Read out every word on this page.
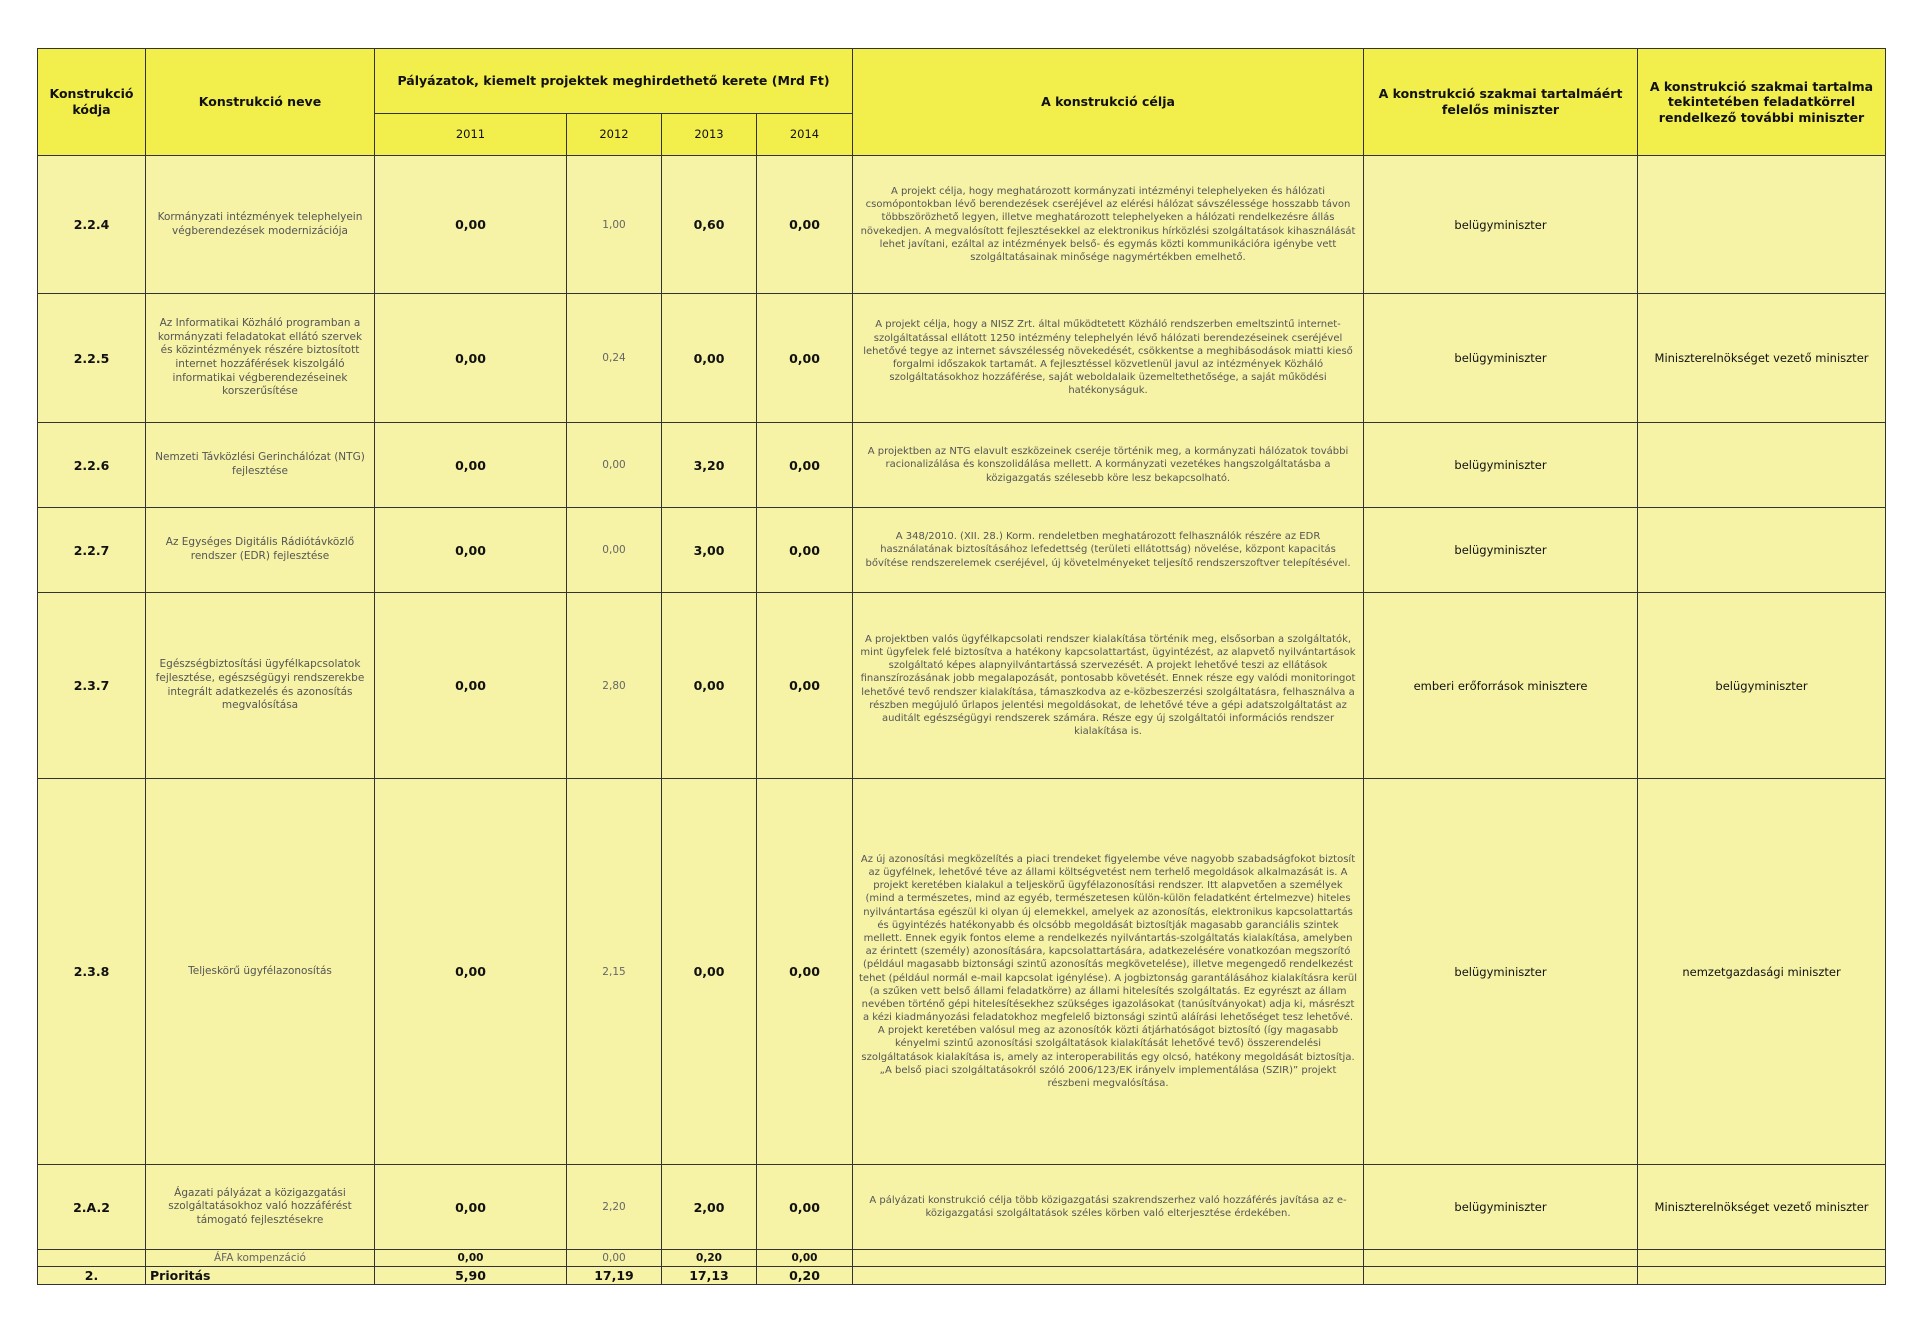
Konstrukció kódja	Konstrukció neve	Pályázatok, kiemelt projektek meghirdethető kerete (Mrd Ft)				A konstrukció célja	A konstrukció szakmai tartalmáért felelős miniszter	A konstrukció szakmai tartalma tekintetében feladatkörrel rendelkező további miniszter
		2011	2012	2013	2014			
2.2.4	Kormányzati intézmények telephelyein végberendezések modernizációja	0,00	1,00	0,60	0,00	A projekt célja, hogy meghatározott kormányzati intézményi telephelyeken és hálózati csomópontokban lévő berendezések cseréjével az elérési hálózat sávszélessége hosszabb távon többszörözhető legyen, illetve meghatározott telephelyeken a hálózati rendelkezésre állás növekedjen. A megvalósított fejlesztésekkel az elektronikus hírközlési szolgáltatások kihasználását lehet javítani, ezáltal az intézmények belső- és egymás közti kommunikációra igénybe vett szolgáltatásainak minősége nagymértékben emelhető.	belügyminiszter	
2.2.5	Az Informatikai Közháló programban a kormányzati feladatokat ellátó szervek és közintézmények részére biztosított internet hozzáférések kiszolgáló informatikai végberendezéseinek korszerűsítése	0,00	0,24	0,00	0,00	A projekt célja, hogy a NISZ Zrt. által működtetett Közháló rendszerben emeltszintű internet-szolgáltatással ellátott 1250 intézmény telephelyén lévő hálózati berendezéseinek cseréjével lehetővé tegye az internet sávszélesség növekedését, csökkentse a meghibásodások miatti kieső forgalmi időszakok tartamát. A fejlesztéssel közvetlenül javul az intézmények Közháló szolgáltatásokhoz hozzáférése, saját weboldalaik üzemeltethetősége, a saját működési hatékonyságuk.	belügyminiszter	Miniszterelnökséget vezető miniszter
2.2.6	Nemzeti Távközlési Gerinchálózat (NTG) fejlesztése	0,00	0,00	3,20	0,00	A projektben az NTG elavult eszközeinek cseréje történik meg, a kormányzati hálózatok további racionalizálása és konszolidálása mellett. A kormányzati vezetékes hangszolgáltatásba a közigazgatás szélesebb köre lesz bekapcsolható.	belügyminiszter	
2.2.7	Az Egységes Digitális Rádiótávközlő rendszer (EDR) fejlesztése	0,00	0,00	3,00	0,00	A 348/2010. (XII. 28.) Korm. rendeletben meghatározott felhasználók részére az EDR használatának biztosításához lefedettség (területi ellátottság) növelése, központ kapacitás bővítése rendszerelemek cseréjével, új követelményeket teljesítő rendszerszoftver telepítésével.	belügyminiszter	
2.3.7	Egészségbiztosítási ügyfélkapcsolatok fejlesztése, egészségügyi rendszerekbe integrált adatkezelés és azonosítás megvalósítása	0,00	2,80	0,00	0,00	A projektben valós ügyfélkapcsolati rendszer kialakítása történik meg, elsősorban a szolgáltatók, mint ügyfelek felé biztosítva a hatékony kapcsolattartást, ügyintézést, az alapvető nyilvántartások szolgáltató képes alapnyilvántartássá szervezését. A projekt lehetővé teszi az ellátások finanszírozásának jobb megalapozását, pontosabb követését. Ennek része egy valódi monitoringot lehetővé tevő rendszer kialakítása, támaszkodva az e-közbeszerzési szolgáltatásra, felhasználva a részben megújuló űrlapos jelentési megoldásokat, de lehetővé téve a gépi adatszolgáltatást az auditált egészségügyi rendszerek számára. Része egy új szolgáltatói információs rendszer kialakítása is.	emberi erőforrások minisztere	belügyminiszter
2.3.8	Teljeskörű ügyfélazonosítás	0,00	2,15	0,00	0,00	Az új azonosítási megközelítés a piaci trendeket figyelembe véve nagyobb szabadságfokot biztosít az ügyfélnek, lehetővé téve az állami költségvetést nem terhelő megoldások alkalmazását is. A projekt keretében kialakul a teljeskörű ügyfélazonosítási rendszer. Itt alapvetően a személyek (mind a természetes, mind az egyéb, természetesen külön-külön feladatként értelmezve) hiteles nyilvántartása egészül ki olyan új elemekkel, amelyek az azonosítás, elektronikus kapcsolattartás és ügyintézés hatékonyabb és olcsóbb megoldását biztosítják magasabb garanciális szintek mellett. Ennek egyik fontos eleme a rendelkezés nyilvántartás-szolgáltatás kialakítása, amelyben az érintett (személy) azonosítására, kapcsolattartására, adatkezelésére vonatkozóan megszorító (például magasabb biztonsági szintű azonosítás megkövetelése), illetve megengedő rendelkezést tehet (például normál e-mail kapcsolat igénylése). A jogbiztonság garantálásához kialakításra kerül (a szűken vett belső állami feladatkörre) az állami hitelesítés szolgáltatás. Ez egyrészt az állam nevében történő gépi hitelesítésekhez szükséges igazolásokat (tanúsítványokat) adja ki, másrészt a kézi kiadmányozási feladatokhoz megfelelő biztonsági szintű aláírási lehetőséget tesz lehetővé. A projekt keretében valósul meg az azonosítók közti átjárhatóságot biztosító (így magasabb kényelmi szintű azonosítási szolgáltatások kialakítását lehetővé tevő) összerendelési szolgáltatások kialakítása is, amely az interoperabilitás egy olcsó, hatékony megoldását biztosítja. „A belső piaci szolgáltatásokról szóló 2006/123/EK irányelv implementálása (SZIR)” projekt részbeni megvalósítása.	belügyminiszter	nemzetgazdasági miniszter
2.A.2	Ágazati pályázat a közigazgatási szolgáltatásokhoz való hozzáférést támogató fejlesztésekre	0,00	2,20	2,00	0,00	A pályázati konstrukció célja több közigazgatási szakrendszerhez való hozzáférés javítása az e-közigazgatási szolgáltatások széles körben való elterjesztése érdekében.	belügyminiszter	Miniszterelnökséget vezető miniszter
	ÁFA kompenzáció	0,00	0,00	0,20	0,00			
2.	Prioritás	5,90	17,19	17,13	0,20			
